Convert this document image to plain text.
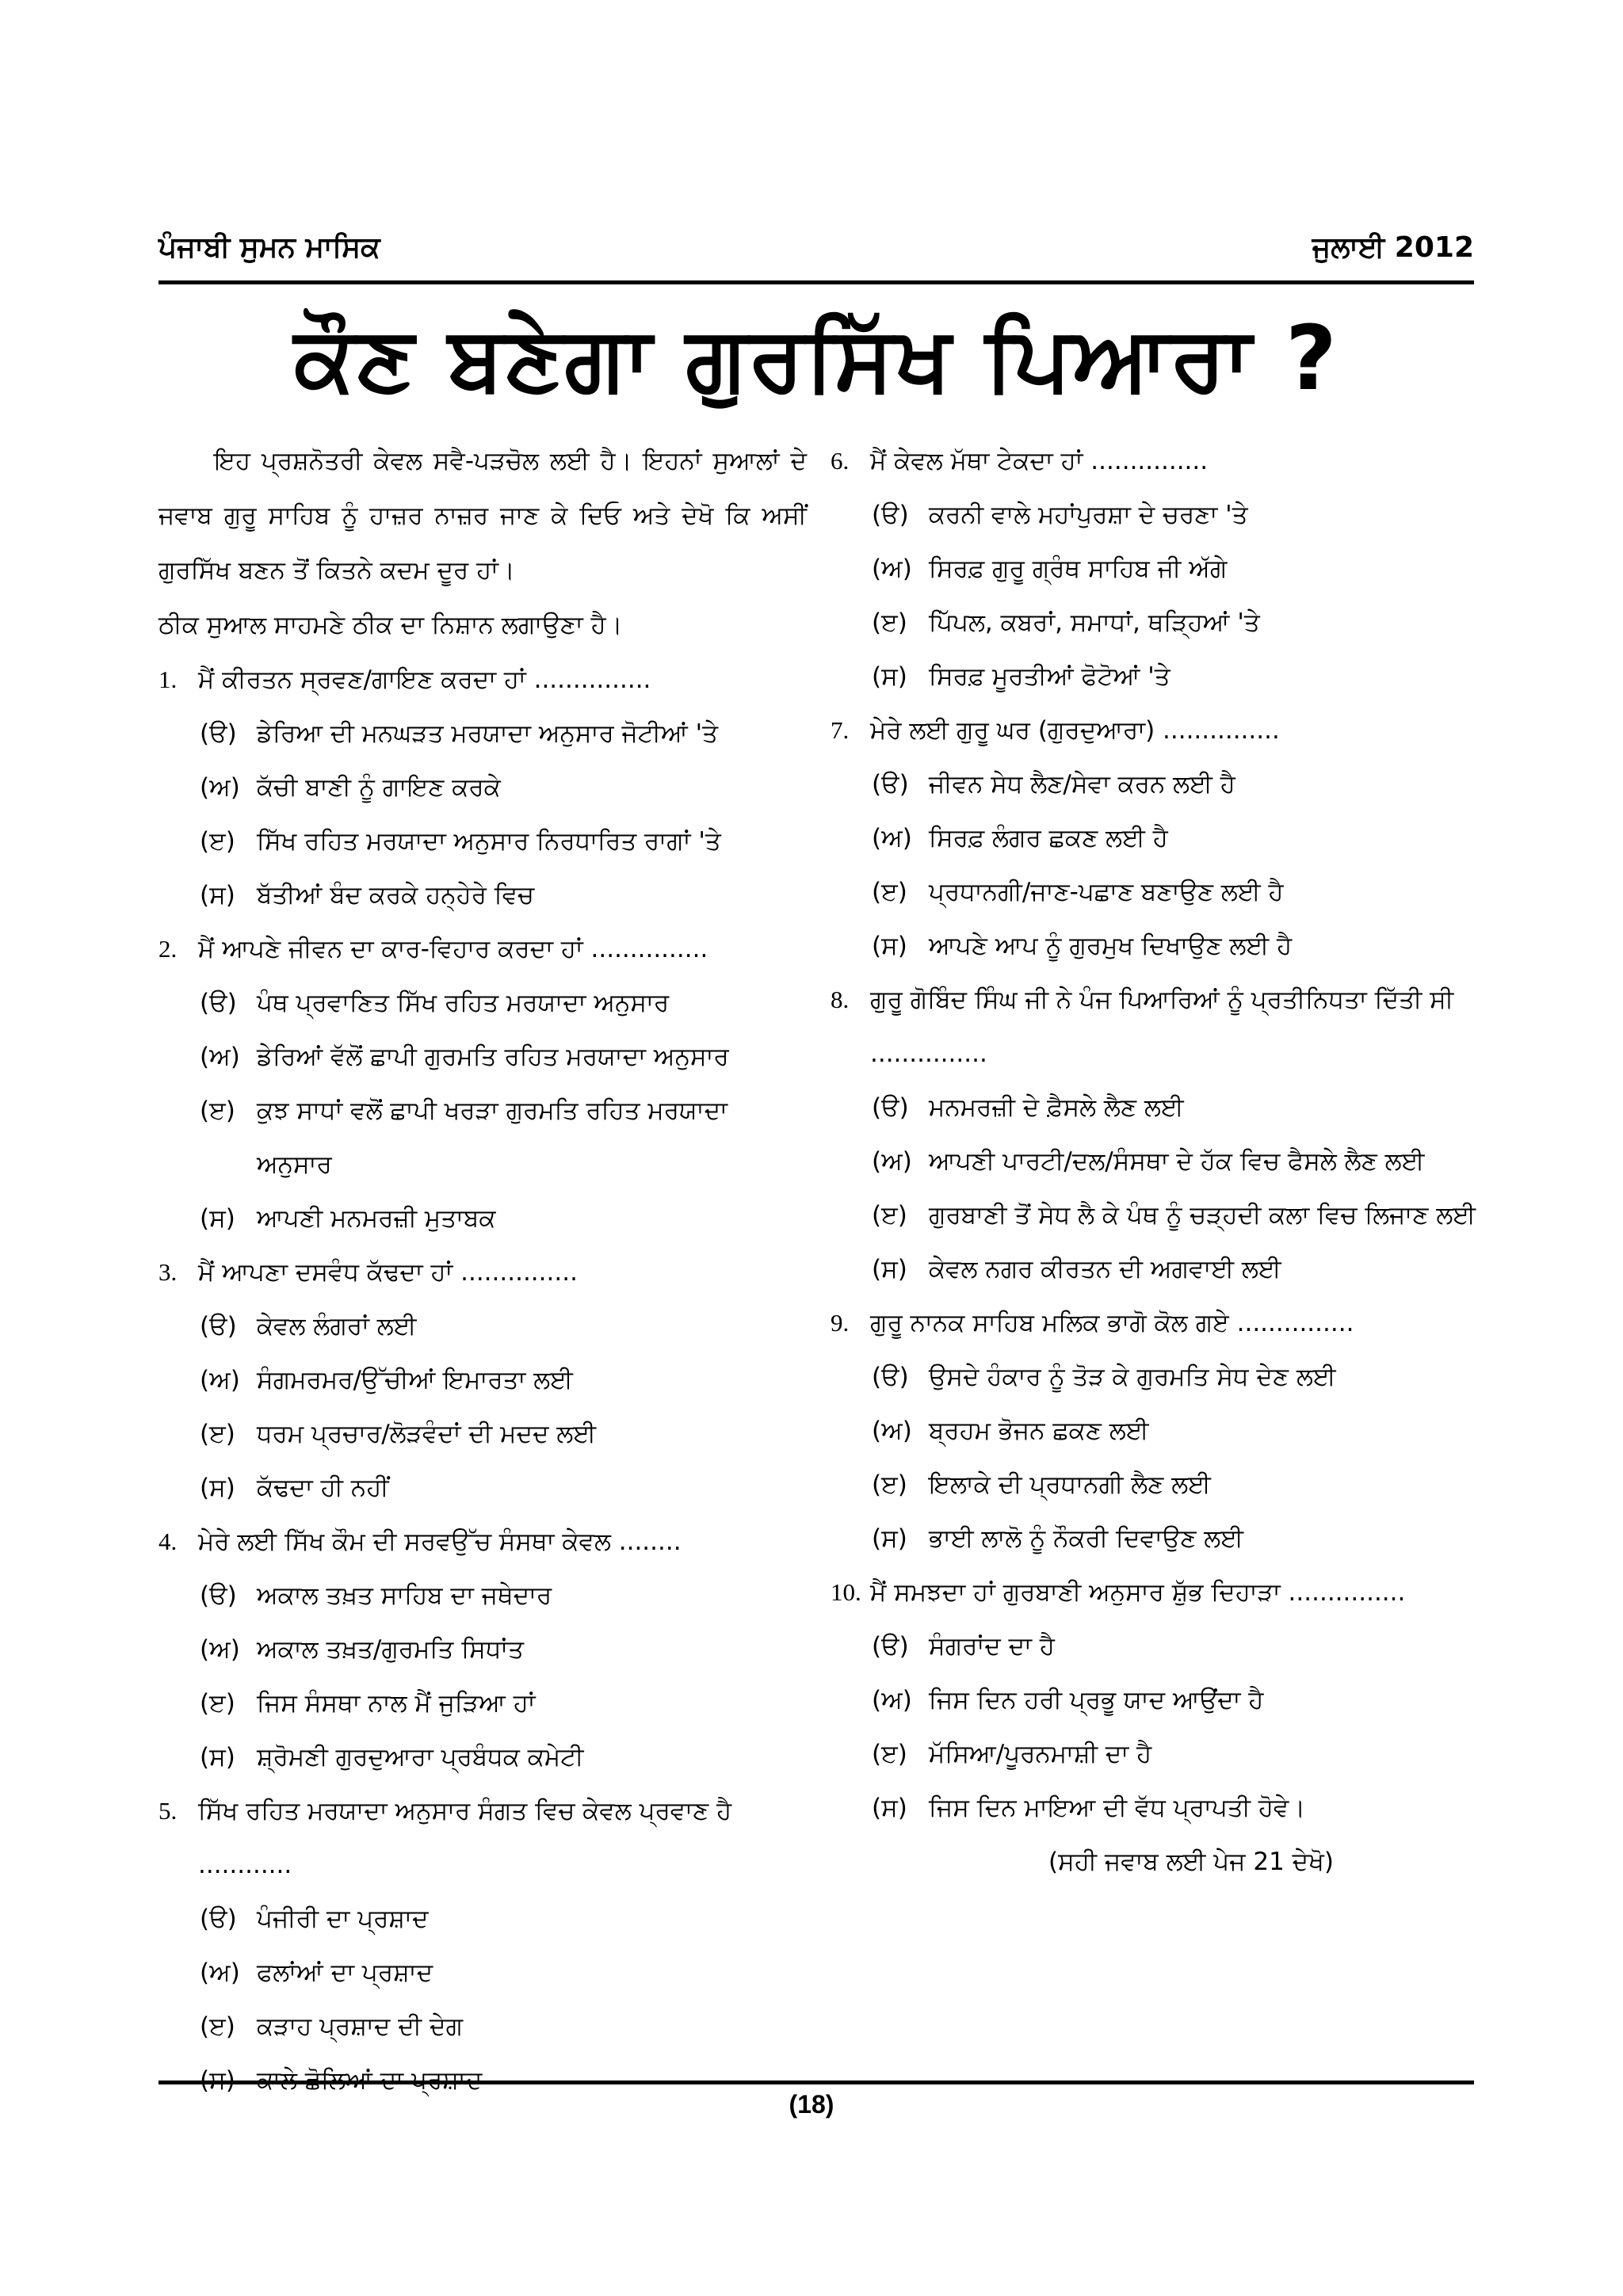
ਪੰਜਾਬੀ ਸੁਮਨ ਮਾਸਿਕ	ਜੁਲਾਈ 2012
ਕੌਣ ਬਣੇਗਾ ਗੁਰਸਿੱਖ ਪਿਆਰਾ ?

ਇਹ ਪ੍ਰਸ਼ਨੋਤਰੀ ਕੇਵਲ ਸਵੈ-ਪੜਚੋਲ ਲਈ ਹੈ। ਇਹਨਾਂ ਸੁਆਲਾਂ ਦੇ ਜਵਾਬ ਗੁਰੂ ਸਾਹਿਬ ਨੂੰ ਹਾਜ਼ਰ ਨਾਜ਼ਰ ਜਾਣ ਕੇ ਦਿਓ ਅਤੇ ਦੇਖੋ ਕਿ ਅਸੀਂ ਗੁਰਸਿੱਖ ਬਣਨ ਤੋਂ ਕਿਤਨੇ ਕਦਮ ਦੂਰ ਹਾਂ।

ਠੀਕ ਸੁਆਲ ਸਾਹਮਣੇ ਠੀਕ ਦਾ ਨਿਸ਼ਾਨ ਲਗਾਉਣਾ ਹੈ।

1. ਮੈਂ ਕੀਰਤਨ ਸ੍ਰਵਣ/ਗਾਇਣ ਕਰਦਾ ਹਾਂ ...............
(ੳ) ਡੇਰਿਆ ਦੀ ਮਨਘੜਤ ਮਰਯਾਦਾ ਅਨੁਸਾਰ ਜੋਟੀਆਂ 'ਤੇ
(ਅ) ਕੱਚੀ ਬਾਣੀ ਨੂੰ ਗਾਇਣ ਕਰਕੇ
(ੲ) ਸਿੱਖ ਰਹਿਤ ਮਰਯਾਦਾ ਅਨੁਸਾਰ ਨਿਰਧਾਰਿਤ ਰਾਗਾਂ 'ਤੇ
(ਸ) ਬੱਤੀਆਂ ਬੰਦ ਕਰਕੇ ਹਨ੍ਹੇਰੇ ਵਿਚ
2. ਮੈਂ ਆਪਣੇ ਜੀਵਨ ਦਾ ਕਾਰ-ਵਿਹਾਰ ਕਰਦਾ ਹਾਂ ...............
(ੳ) ਪੰਥ ਪ੍ਰਵਾਣਿਤ ਸਿੱਖ ਰਹਿਤ ਮਰਯਾਦਾ ਅਨੁਸਾਰ
(ਅ) ਡੇਰਿਆਂ ਵੱਲੋਂ ਛਾਪੀ ਗੁਰਮਤਿ ਰਹਿਤ ਮਰਯਾਦਾ ਅਨੁਸਾਰ
(ੲ) ਕੁਝ ਸਾਧਾਂ ਵਲੋਂ ਛਾਪੀ ਖਰੜਾ ਗੁਰਮਤਿ ਰਹਿਤ ਮਰਯਾਦਾ ਅਨੁਸਾਰ
(ਸ) ਆਪਣੀ ਮਨਮਰਜ਼ੀ ਮੁਤਾਬਕ
3. ਮੈਂ ਆਪਣਾ ਦਸਵੰਧ ਕੱਢਦਾ ਹਾਂ ...............
(ੳ) ਕੇਵਲ ਲੰਗਰਾਂ ਲਈ
(ਅ) ਸੰਗਮਰਮਰ/ਉੱਚੀਆਂ ਇਮਾਰਤਾ ਲਈ
(ੲ) ਧਰਮ ਪ੍ਰਚਾਰ/ਲੋੜਵੰਦਾਂ ਦੀ ਮਦਦ ਲਈ
(ਸ) ਕੱਢਦਾ ਹੀ ਨਹੀਂ
4. ਮੇਰੇ ਲਈ ਸਿੱਖ ਕੌਮ ਦੀ ਸਰਵਉੱਚ ਸੰਸਥਾ ਕੇਵਲ ........
(ੳ) ਅਕਾਲ ਤਖ਼ਤ ਸਾਹਿਬ ਦਾ ਜਥੇਦਾਰ
(ਅ) ਅਕਾਲ ਤਖ਼ਤ/ਗੁਰਮਤਿ ਸਿਧਾਂਤ
(ੲ) ਜਿਸ ਸੰਸਥਾ ਨਾਲ ਮੈਂ ਜੁੜਿਆ ਹਾਂ
(ਸ) ਸ਼੍ਰੋਮਣੀ ਗੁਰਦੁਆਰਾ ਪ੍ਰਬੰਧਕ ਕਮੇਟੀ
5. ਸਿੱਖ ਰਹਿਤ ਮਰਯਾਦਾ ਅਨੁਸਾਰ ਸੰਗਤ ਵਿਚ ਕੇਵਲ ਪ੍ਰਵਾਣ ਹੈ ............
(ੳ) ਪੰਜੀਰੀ ਦਾ ਪ੍ਰਸ਼ਾਦ
(ਅ) ਫਲਾਂਆਂ ਦਾ ਪ੍ਰਸ਼ਾਦ
(ੲ) ਕੜਾਹ ਪ੍ਰਸ਼ਾਦ ਦੀ ਦੇਗ
6. ਮੈਂ ਕੇਵਲ ਮੱਥਾ ਟੇਕਦਾ ਹਾਂ ...............
(ੳ) ਕਰਨੀ ਵਾਲੇ ਮਹਾਂਪੁਰਸ਼ਾ ਦੇ ਚਰਣਾ 'ਤੇ
(ਅ) ਸਿਰਫ਼ ਗੁਰੂ ਗ੍ਰੰਥ ਸਾਹਿਬ ਜੀ ਅੱਗੇ
(ੲ) ਪਿੱਪਲ, ਕਬਰਾਂ, ਸਮਾਧਾਂ, ਥੜ੍ਹਿਆਂ 'ਤੇ
(ਸ) ਸਿਰਫ਼ ਮੂਰਤੀਆਂ ਫੋਟੋਆਂ 'ਤੇ
7. ਮੇਰੇ ਲਈ ਗੁਰੂ ਘਰ (ਗੁਰਦੁਆਰਾ) ...............
(ੳ) ਜੀਵਨ ਸੇਧ ਲੈਣ/ਸੇਵਾ ਕਰਨ ਲਈ ਹੈ
(ਅ) ਸਿਰਫ਼ ਲੰਗਰ ਛਕਣ ਲਈ ਹੈ
(ੲ) ਪ੍ਰਧਾਨਗੀ/ਜਾਣ-ਪਛਾਣ ਬਣਾਉਣ ਲਈ ਹੈ
(ਸ) ਆਪਣੇ ਆਪ ਨੂੰ ਗੁਰਮੁਖ ਦਿਖਾਉਣ ਲਈ ਹੈ
8. ਗੁਰੂ ਗੋਬਿੰਦ ਸਿੰਘ ਜੀ ਨੇ ਪੰਜ ਪਿਆਰਿਆਂ ਨੂੰ ਪ੍ਰਤੀਨਿਧਤਾ ਦਿੱਤੀ ਸੀ ...............
(ੳ) ਮਨਮਰਜ਼ੀ ਦੇ ਫ਼ੈਸਲੇ ਲੈਣ ਲਈ
(ਅ) ਆਪਣੀ ਪਾਰਟੀ/ਦਲ/ਸੰਸਥਾ ਦੇ ਹੱਕ ਵਿਚ ਫੈਸਲੇ ਲੈਣ ਲਈ
(ੲ) ਗੁਰਬਾਣੀ ਤੋਂ ਸੇਧ ਲੈ ਕੇ ਪੰਥ ਨੂੰ ਚੜ੍ਹਦੀ ਕਲਾ ਵਿਚ ਲਿਜਾਣ ਲਈ
(ਸ) ਕੇਵਲ ਨਗਰ ਕੀਰਤਨ ਦੀ ਅਗਵਾਈ ਲਈ
9. ਗੁਰੂ ਨਾਨਕ ਸਾਹਿਬ ਮਲਿਕ ਭਾਗੋ ਕੋਲ ਗਏ ...............
(ੳ) ਉਸਦੇ ਹੰਕਾਰ ਨੂੰ ਤੋੜ ਕੇ ਗੁਰਮਤਿ ਸੇਧ ਦੇਣ ਲਈ
(ਅ) ਬ੍ਰਹਮ ਭੋਜਨ ਛਕਣ ਲਈ
(ੲ) ਇਲਾਕੇ ਦੀ ਪ੍ਰਧਾਨਗੀ ਲੈਣ ਲਈ
(ਸ) ਭਾਈ ਲਾਲੋ ਨੂੰ ਨੌਕਰੀ ਦਿਵਾਉਣ ਲਈ
10. ਮੈਂ ਸਮਝਦਾ ਹਾਂ ਗੁਰਬਾਣੀ ਅਨੁਸਾਰ ਸ਼ੁੱਭ ਦਿਹਾੜਾ ...............
(ੳ) ਸੰਗਰਾਂਦ ਦਾ ਹੈ
(ਅ) ਜਿਸ ਦਿਨ ਹਰੀ ਪ੍ਰਭੂ ਯਾਦ ਆਉਂਦਾ ਹੈ
(ੲ) ਮੱਸਿਆ/ਪੂਰਨਮਾਸ਼ੀ ਦਾ ਹੈ
(ਸ) ਜਿਸ ਦਿਨ ਮਾਇਆ ਦੀ ਵੱਧ ਪ੍ਰਾਪਤੀ ਹੋਵੇ।
(ਸਹੀ ਜਵਾਬ ਲਈ ਪੇਜ 21 ਦੇਖੋ)
(18)
